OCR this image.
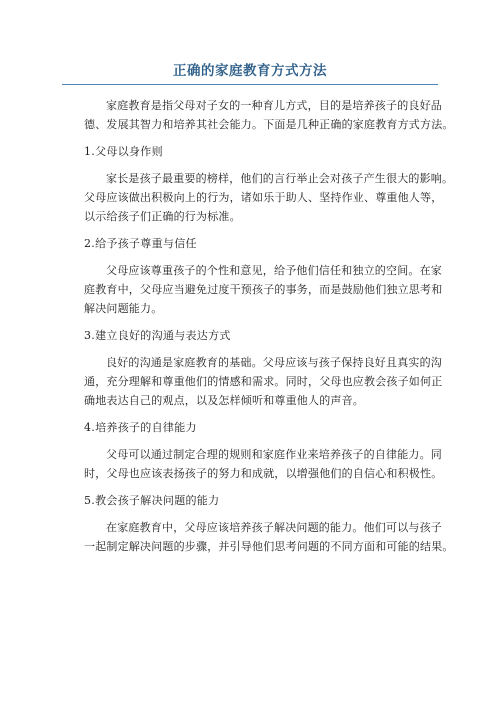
正确的家庭教育方式方法

家庭教育是指父母对子女的一种育儿方式，目的是培养孩子的良好品
德、发展其智力和培养其社会能力。下面是几种正确的家庭教育方式方法。

1.父母以身作则

家长是孩子最重要的榜样，他们的言行举止会对孩子产生很大的影响。
父母应该做出积极向上的行为，诸如乐于助人、坚持作业、尊重他人等，
以示给孩子们正确的行为标准。

2.给予孩子尊重与信任

父母应该尊重孩子的个性和意见，给予他们信任和独立的空间。在家
庭教育中，父母应当避免过度干预孩子的事务，而是鼓励他们独立思考和
解决问题能力。

3.建立良好的沟通与表达方式

良好的沟通是家庭教育的基础。父母应该与孩子保持良好且真实的沟
通，充分理解和尊重他们的情感和需求。同时，父母也应教会孩子如何正
确地表达自己的观点，以及怎样倾听和尊重他人的声音。

4.培养孩子的自律能力

父母可以通过制定合理的规则和家庭作业来培养孩子的自律能力。同
时，父母也应该表扬孩子的努力和成就，以增强他们的自信心和积极性。

5.教会孩子解决问题的能力

在家庭教育中，父母应该培养孩子解决问题的能力。他们可以与孩子
一起制定解决问题的步骤，并引导他们思考问题的不同方面和可能的结果。
